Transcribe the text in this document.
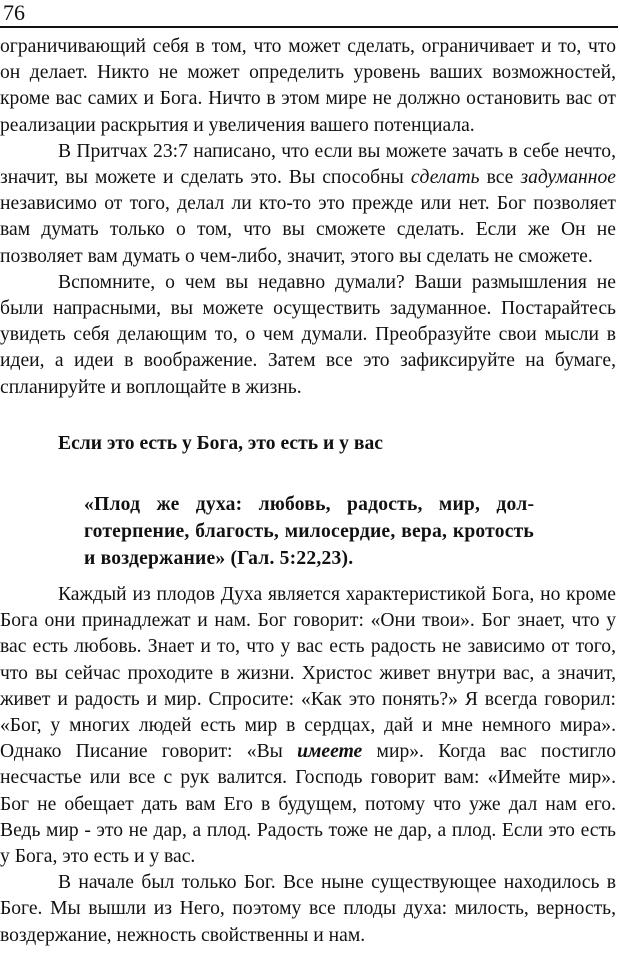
76

ограничивающий себя в том, что может сделать, ограничивает и то, что он делает. Никто не может определить уровень ваших возможностей, кроме вас самих и Бога. Ничто в этом мире не должно остановить вас от реализации раскрытия и увеличения вашего потенциала.

В Притчах 23:7 написано, что если вы можете зачать в себе нечто, значит, вы можете и сделать это. Вы способны сделать все задуманное независимо от того, делал ли кто-то это прежде или нет. Бог позволяет вам думать только о том, что вы сможете сделать. Если же Он не позволяет вам думать о чем-либо, значит, этого вы сделать не сможете.

Вспомните, о чем вы недавно думали? Ваши размышления не были напрасными, вы можете осуществить задуманное. Постарайтесь увидеть себя делающим то, о чем думали. Преобразуйте свои мысли в идеи, а идеи в воображение. Затем все это зафиксируйте на бумаге, спланируйте и воплощайте в жизнь.

Если это есть у Бога, это есть и у вас

«Плод же духа: любовь, радость, мир, долготерпение, благость, милосердие, вера, кротость и воздержание» (Гал. 5:22,23).

Каждый из плодов Духа является характеристикой Бога, но кроме Бога они принадлежат и нам. Бог говорит: «Они твои». Бог знает, что у вас есть любовь. Знает и то, что у вас есть радость не зависимо от того, что вы сейчас проходите в жизни. Христос живет внутри вас, а значит, живет и радость и мир. Спросите: «Как это понять?» Я всегда говорил: «Бог, у многих людей есть мир в сердцах, дай и мне немного мира». Однако Писание говорит: «Вы имеете мир». Когда вас постигло несчастье или все с рук валится. Господь говорит вам: «Имейте мир». Бог не обещает дать вам Его в будущем, потому что уже дал нам его. Ведь мир - это не дар, а плод. Радость тоже не дар, а плод. Если это есть у Бога, это есть и у вас.

В начале был только Бог. Все ныне существующее находилось в Боге. Мы вышли из Него, поэтому все плоды духа: милость, верность, воздержание, нежность свойственны и нам.
